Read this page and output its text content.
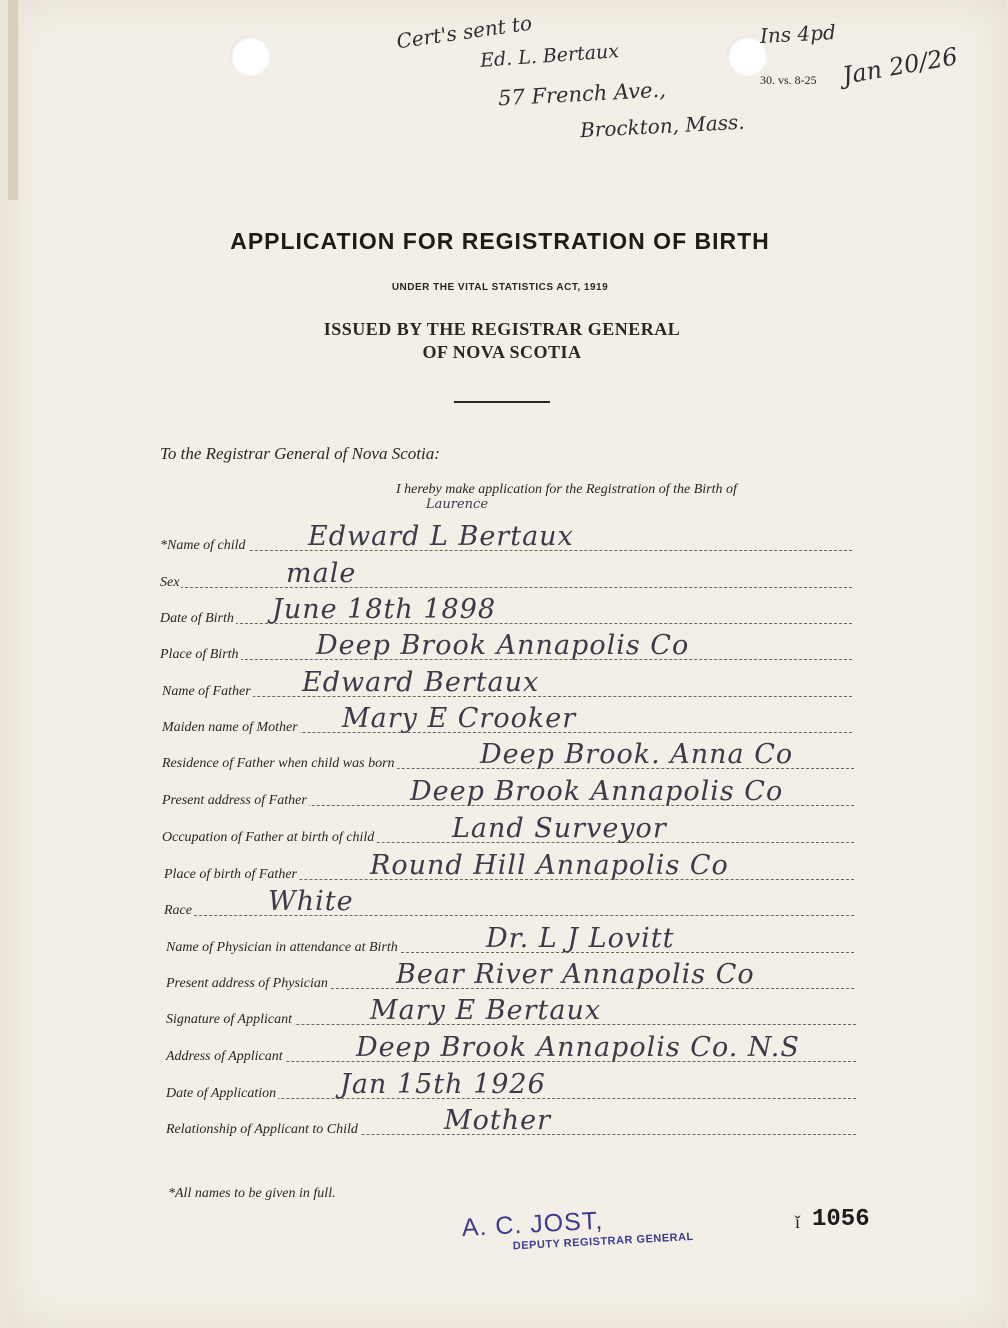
Cert's sent to
Ed. L. Bertaux
57 French Ave.,
Brockton, Mass.
Ins 4pd
Jan 20/26
30. vs. 8-25
APPLICATION FOR REGISTRATION OF BIRTH
UNDER THE VITAL STATISTICS ACT, 1919
ISSUED BY THE REGISTRAR GENERAL
OF NOVA SCOTIA
To the Registrar General of Nova Scotia:
I hereby make application for the Registration of the Birth of
Laurence
*Name of child Edward L Bertaux
Sex	male
Date of Birth June 18th 1898
Place of Birth	Deep Brook Annapolis Co
Name of Father Edward Bertaux
Maiden name of Mother Mary E Crooker
Residence of Father when child was born	Deep Brook. Anna Co
Present address of Father	Deep Brook Annapolis Co
Occupation of Father at birth of child	Land Surveyor
Place of birth of Father	Round Hill Annapolis Co
Race	White
Name of Physician in attendance at Birth	Dr. L J Lovitt
Present address of Physician	Bear River Annapolis Co
Signature of Applicant	Mary E Bertaux
Address of Applicant	Deep Brook Annapolis Co. N.S
Date of Application Jan 15th 1926
Relationship of Applicant to Child	Mother
*All names to be given in full.
A. C. JOST,
DEPUTY REGISTRAR GENERAL
ǐ 1056
